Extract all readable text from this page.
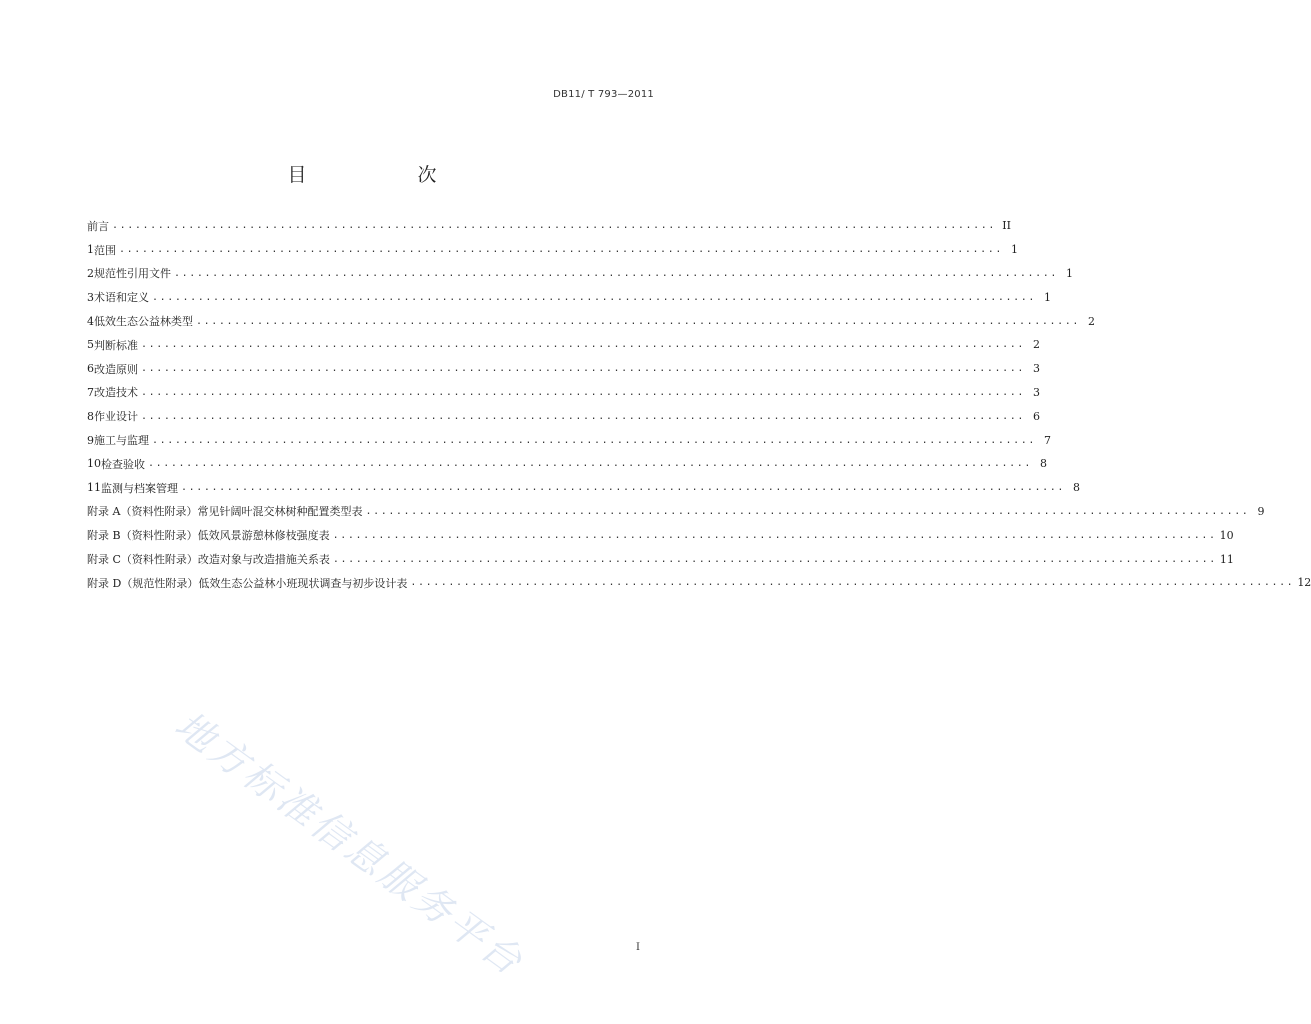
DB11/ T 793—2011
目　次
前言 .................................................................................................................... II
1 范围 .................................................................................................................... 1
2 规范性引用文件 .................................................................................................................... 1
3 术语和定义 .................................................................................................................... 1
4 低效生态公益林类型 .................................................................................................................... 2
5 判断标准 .................................................................................................................... 2
6 改造原则 .................................................................................................................... 3
7 改造技术 .................................................................................................................... 3
8 作业设计 .................................................................................................................... 6
9 施工与监理 .................................................................................................................... 7
10 检查验收 .................................................................................................................... 8
11 监测与档案管理 .................................................................................................................... 8
附录 A（资料性附录） 常见针阔叶混交林树种配置类型表 .................................................................................................................... 9
附录 B（资料性附录） 低效风景游憩林修枝强度表 .................................................................................................................... 10
附录 C（资料性附录） 改造对象与改造措施关系表 .................................................................................................................... 11
附录 D（规范性附录） 低效生态公益林小班现状调查与初步设计表 .................................................................................................................... 12
地方标准信息服务平台	I
